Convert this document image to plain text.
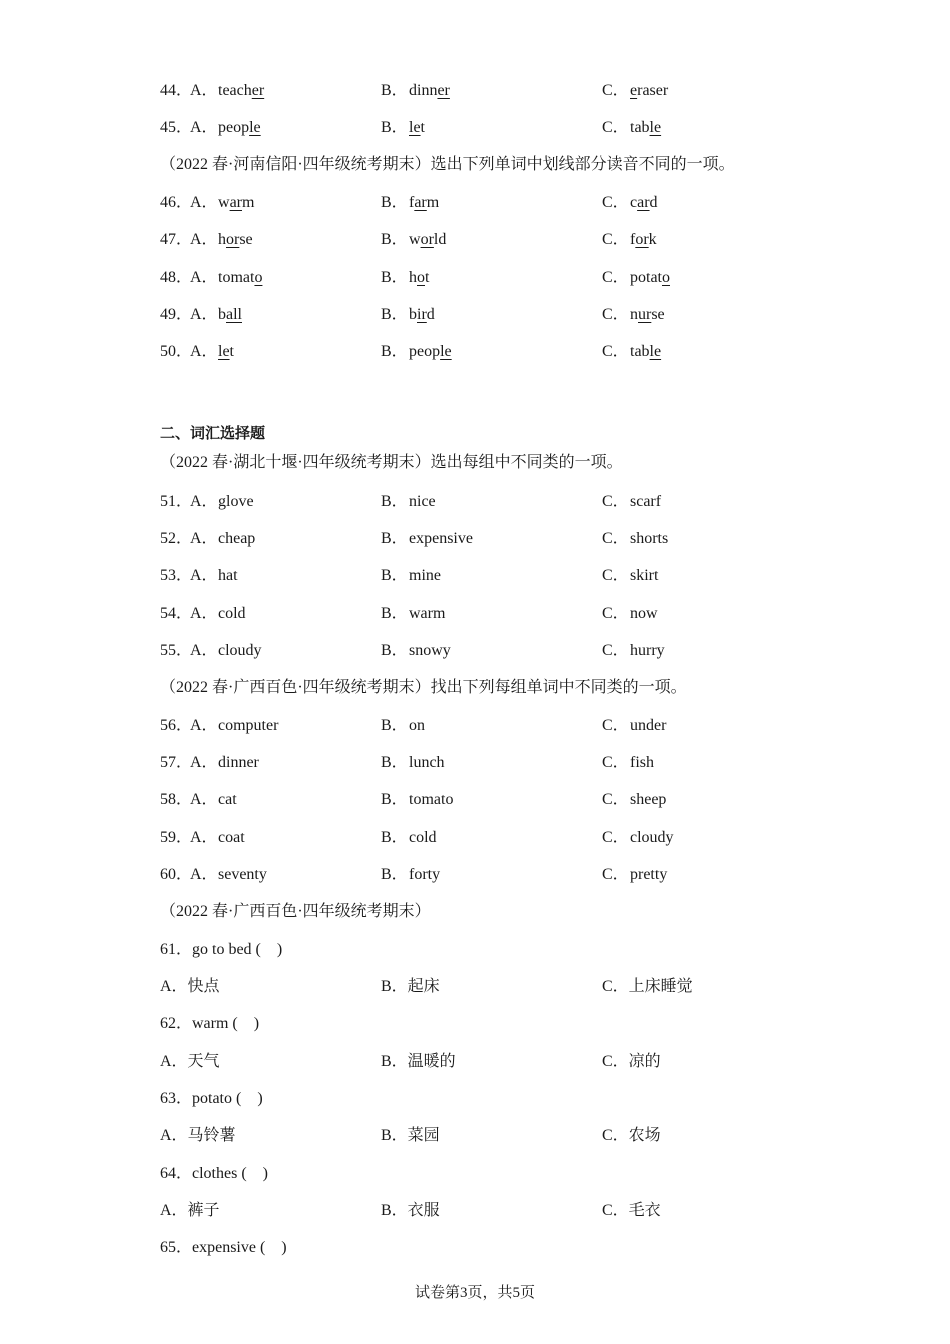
44．
A．teacher	B．dinner	C．eraser
45．
A．people	B．let	C．table
（2022 春·河南信阳·四年级统考期末）选出下列单词中划线部分读音不同的一项。
46．
A．warm	B．farm	C．card
47．
A．horse	B．world	C．fork
48．
A．tomato	B．hot	C．potato
49．
A．ball	B．bird	C．nurse
50．
A．let	B．people	C．table
二、词汇选择题
（2022 春·湖北十堰·四年级统考期末）选出每组中不同类的一项。
51．
A．glove	B．nice	C．scarf
52．
A．cheap	B．expensive	C．shorts
53．
A．hat	B．mine	C．skirt
54．
A．cold	B．warm	C．now
55．
A．cloudy	B．snowy	C．hurry
（2022 春·广西百色·四年级统考期末）找出下列每组单词中不同类的一项。
56．
A．computer	B．on	C．under
57．
A．dinner	B．lunch	C．fish
58．
A．cat	B．tomato	C．sheep
59．
A．coat	B．cold	C．cloudy
60．
A．seventy	B．forty	C．pretty
（2022 春·广西百色·四年级统考期末）
61．go to bed (　)
A．快点	B．起床	C．上床睡觉
62．warm (　)
A．天气	B．温暖的	C．凉的
63．potato (　)
A．马铃薯	B．菜园	C．农场
64．clothes (　)
A．裤子	B．衣服	C．毛衣
65．expensive (　)
试卷第3页，共5页
